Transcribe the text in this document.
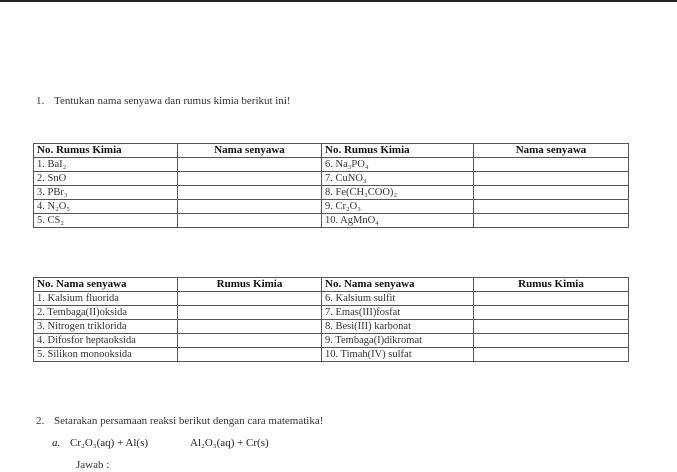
1. Tentukan nama senyawa dan rumus kimia berikut ini!
No. Rumus Kimia	Nama senyawa	No. Rumus Kimia	Nama senyawa
1. BaI₂		6. Na₃PO₄	
2. SnO		7. CuNO₃	
3. PBr₃		8. Fe(CH₃COO)₂	
4. N₂O₅		9. Cr₂O₃	
5. CS₂		10. AgMnO₄	
No. Nama senyawa	Rumus Kimia	No. Nama senyawa	Rumus Kimia
1. Kalsium fluorida		6. Kalsium sulfit	
2. Tembaga(II)oksida		7. Emas(III)fosfat	
3. Nitrogen triklorida		8. Besi(III) karbonat	
4. Difosfor heptaoksida		9. Tembaga(I)dikromat	
5. Silikon monooksida		10. Timah(IV) sulfat	
2. Setarakan persamaan reaksi berikut dengan cara matematika!
a. Cr₂O₃(aq) + Al(s)	Al₂O₃(aq) + Cr(s)
Jawab :
